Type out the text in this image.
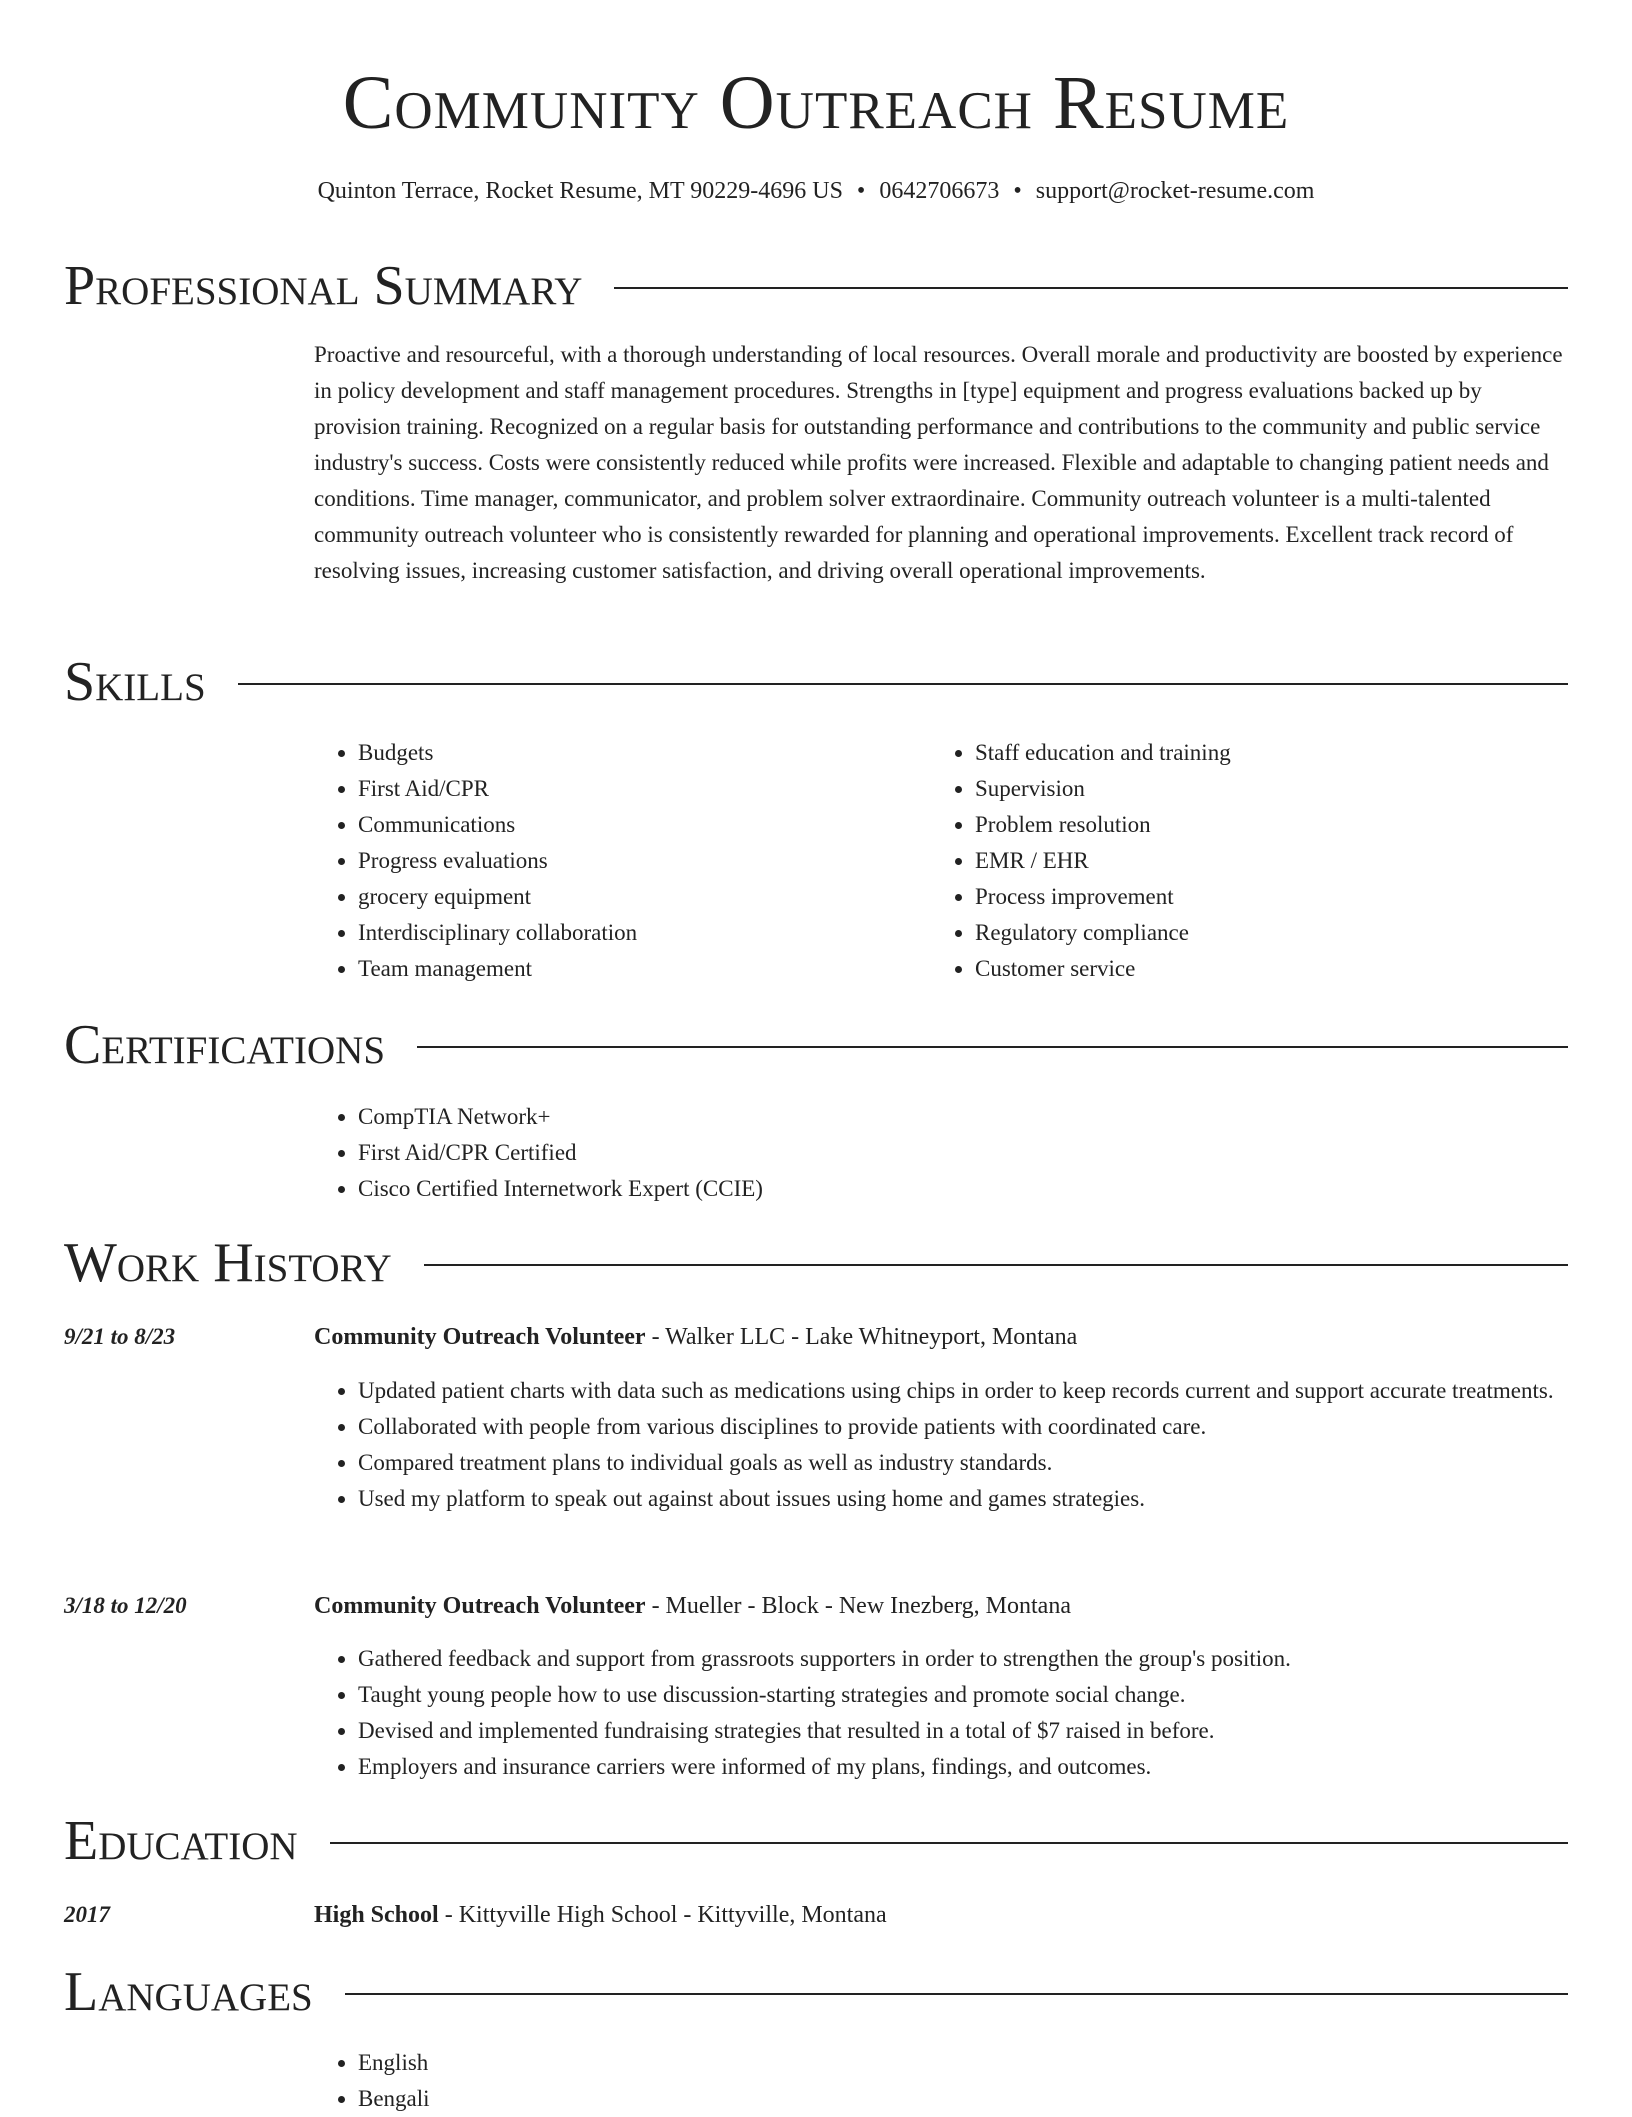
Community Outreach Resume
Quinton Terrace, Rocket Resume, MT 90229-4696 US • 0642706673 • support@rocket-resume.com
Professional Summary
Proactive and resourceful, with a thorough understanding of local resources. Overall morale and productivity are boosted by experience in policy development and staff management procedures. Strengths in [type] equipment and progress evaluations backed up by provision training. Recognized on a regular basis for outstanding performance and contributions to the community and public service industry's success. Costs were consistently reduced while profits were increased. Flexible and adaptable to changing patient needs and conditions. Time manager, communicator, and problem solver extraordinaire. Community outreach volunteer is a multi-talented community outreach volunteer who is consistently rewarded for planning and operational improvements. Excellent track record of resolving issues, increasing customer satisfaction, and driving overall operational improvements.
Skills
• Budgets
• First Aid/CPR
• Communications
• Progress evaluations
• grocery equipment
• Interdisciplinary collaboration
• Team management
• Staff education and training
• Supervision
• Problem resolution
• EMR / EHR
• Process improvement
• Regulatory compliance
• Customer service
Certifications
• CompTIA Network+
• First Aid/CPR Certified
• Cisco Certified Internetwork Expert (CCIE)
Work History
9/21 to 8/23	Community Outreach Volunteer - Walker LLC - Lake Whitneyport, Montana
• Updated patient charts with data such as medications using chips in order to keep records current and support accurate treatments.
• Collaborated with people from various disciplines to provide patients with coordinated care.
• Compared treatment plans to individual goals as well as industry standards.
• Used my platform to speak out against about issues using home and games strategies.
3/18 to 12/20	Community Outreach Volunteer - Mueller - Block - New Inezberg, Montana
• Gathered feedback and support from grassroots supporters in order to strengthen the group's position.
• Taught young people how to use discussion-starting strategies and promote social change.
• Devised and implemented fundraising strategies that resulted in a total of $7 raised in before.
• Employers and insurance carriers were informed of my plans, findings, and outcomes.
Education
2017	High School - Kittyville High School - Kittyville, Montana
Languages
• English
• Bengali
